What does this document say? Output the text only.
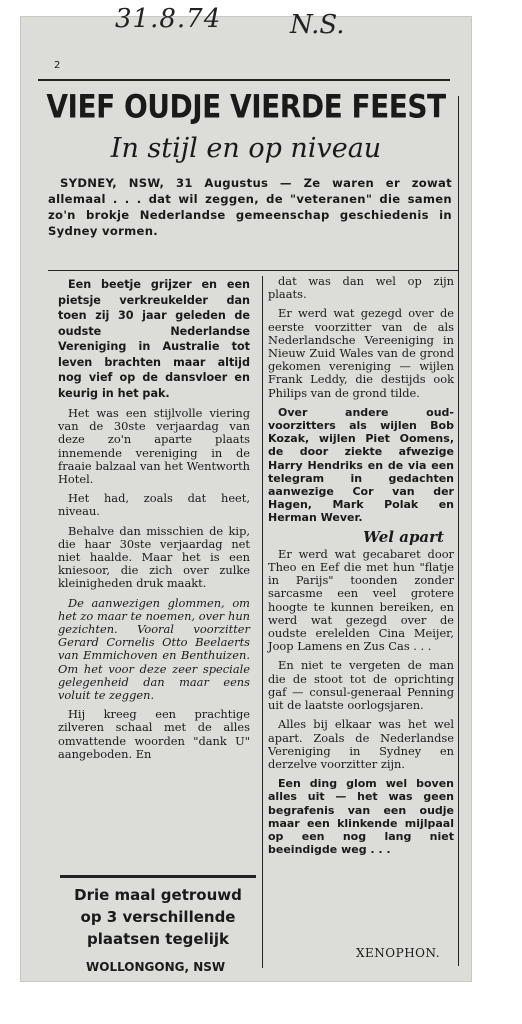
31.8.74	N.S.
2
VIEF OUDJE VIERDE FEEST
In stijl en op niveau

SYDNEY, NSW, 31 Augustus — Ze waren er zowat allemaal . . . dat wil zeggen, de "veteranen" die samen zo'n brokje Nederlandse gemeenschap geschiedenis in Sydney vormen.

Een beetje grijzer en een pietsje verkreukelder dan toen zij 30 jaar geleden de oudste Nederlandse Vereniging in Australie tot leven brachten maar altijd nog vief op de dansvloer en keurig in het pak.

Het was een stijlvolle viering van de 30ste verjaardag van deze zo'n aparte plaats innemende vereniging in de fraaie balzaal van het Wentworth Hotel.

Het had, zoals dat heet, niveau.

Behalve dan misschien de kip, die haar 30ste verjaardag net niet haalde. Maar het is een kniesoor, die zich over zulke kleinigheden druk maakt.

De aanwezigen glommen, om het zo maar te noemen, over hun gezichten. Vooral voorzitter Gerard Cornelis Otto Beelaerts van Emmichoven en Benthuizen. Om het voor deze zeer speciale gelegenheid dan maar eens voluit te zeggen.

Hij kreeg een prachtige zilveren schaal met de alles omvattende woorden "dank U" aangeboden. En

dat was dan wel op zijn plaats.

Er werd wat gezegd over de eerste voorzitter van de als Nederlandsche Vereeniging in Nieuw Zuid Wales van de grond gekomen vereniging — wijlen Frank Leddy, die destijds ook Philips van de grond tilde.

Over andere oud-voorzitters als wijlen Bob Kozak, wijlen Piet Oomens, de door ziekte afwezige Harry Hendriks en de via een telegram in gedachten aanwezige Cor van der Hagen, Mark Polak en Herman Wever.

Wel apart

Er werd wat gecabaret door Theo en Eef die met hun "flatje in Parijs" toonden zonder sarcasme een veel grotere hoogte te kunnen bereiken, en werd wat gezegd over de oudste erelelden Cina Meijer, Joop Lamens en Zus Cas . . .

En niet te vergeten de man die de stoot tot de oprichting gaf — consul-generaal Penning uit de laatste oorlogsjaren.

Alles bij elkaar was het wel apart. Zoals de Nederlandse Vereniging in Sydney en derzelve voorzitter zijn.

Een ding glom wel boven alles uit — het was geen begrafenis van een oudje maar een klinkende mijlpaal op een nog lang niet beeindigde weg . . .

Drie maal getrouwd
op 3 verschillende
plaatsen tegelijk
WOLLONGONG, NSW
XENOPHON.
